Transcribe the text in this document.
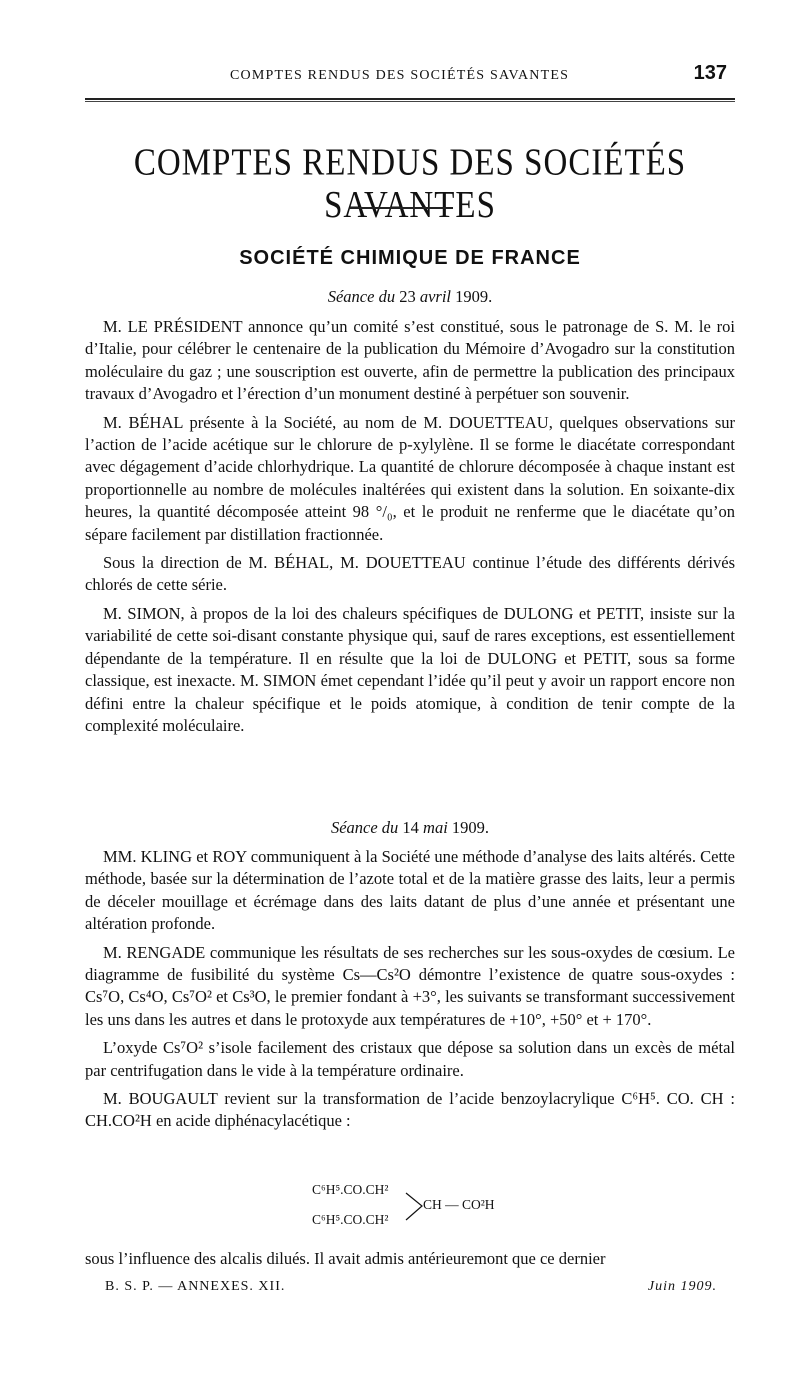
COMPTES RENDUS DES SOCIÉTÉS SAVANTES	137
COMPTES RENDUS DES SOCIÉTÉS SAVANTES
SOCIÉTÉ CHIMIQUE DE FRANCE
Séance du 23 avril 1909.

M. LE PRÉSIDENT annonce qu’un comité s’est constitué, sous le patronage de S. M. le roi d’Italie, pour célébrer le centenaire de la publication du Mémoire d’Avogadro sur la constitution moléculaire du gaz ; une souscription est ouverte, afin de permettre la publication des principaux travaux d’Avogadro et l’érection d’un monument destiné à perpétuer son souvenir.

M. BÉHAL présente à la Société, au nom de M. DOUETTEAU, quelques observations sur l’action de l’acide acétique sur le chlorure de p-xylylène. Il se forme le diacétate correspondant avec dégagement d’acide chlorhydrique. La quantité de chlorure décomposée à chaque instant est proportionnelle au nombre de molécules inaltérées qui existent dans la solution. En soixante-dix heures, la quantité décomposée atteint 98 °/₀, et le produit ne renferme que le diacétate qu’on sépare facilement par distillation fractionnée.

Sous la direction de M. BÉHAL, M. DOUETTEAU continue l’étude des différents dérivés chlorés de cette série.

M. SIMON, à propos de la loi des chaleurs spécifiques de DULONG et PETIT, insiste sur la variabilité de cette soi-disant constante physique qui, sauf de rares exceptions, est essentiellement dépendante de la température. Il en résulte que la loi de DULONG et PETIT, sous sa forme classique, est inexacte. M. SIMON émet cependant l’idée qu’il peut y avoir un rapport encore non défini entre la chaleur spécifique et le poids atomique, à condition de tenir compte de la complexité moléculaire.

Séance du 14 mai 1909.

MM. KLING et ROY communiquent à la Société une méthode d’analyse des laits altérés. Cette méthode, basée sur la détermination de l’azote total et de la matière grasse des laits, leur a permis de déceler mouillage et écrémage dans des laits datant de plus d’une année et présentant une altération profonde.

M. RENGADE communique les résultats de ses recherches sur les sous-oxydes de cœsium. Le diagramme de fusibilité du système Cs—Cs²O démontre l’existence de quatre sous-oxydes : Cs⁷O, Cs⁴O, Cs⁷O² et Cs³O, le premier fondant à +3°, les suivants se transformant successivement les uns dans les autres et dans le protoxyde aux températures de +10°, +50° et + 170°.

L’oxyde Cs⁷O² s’isole facilement des cristaux que dépose sa solution dans un excès de métal par centrifugation dans le vide à la température ordinaire.

M. BOUGAULT revient sur la transformation de l’acide benzoylacrylique C⁶H⁵. CO. CH : CH.CO²H en acide diphénacylacétique :

C⁶H⁵.CO.CH²
C⁶H⁵.CO.CH²
CH — CO²H
sous l’influence des alcalis dilués. Il avait admis antérieuremont que ce dernier
B. S. P. — ANNEXES. XII.	Juin 1909.
